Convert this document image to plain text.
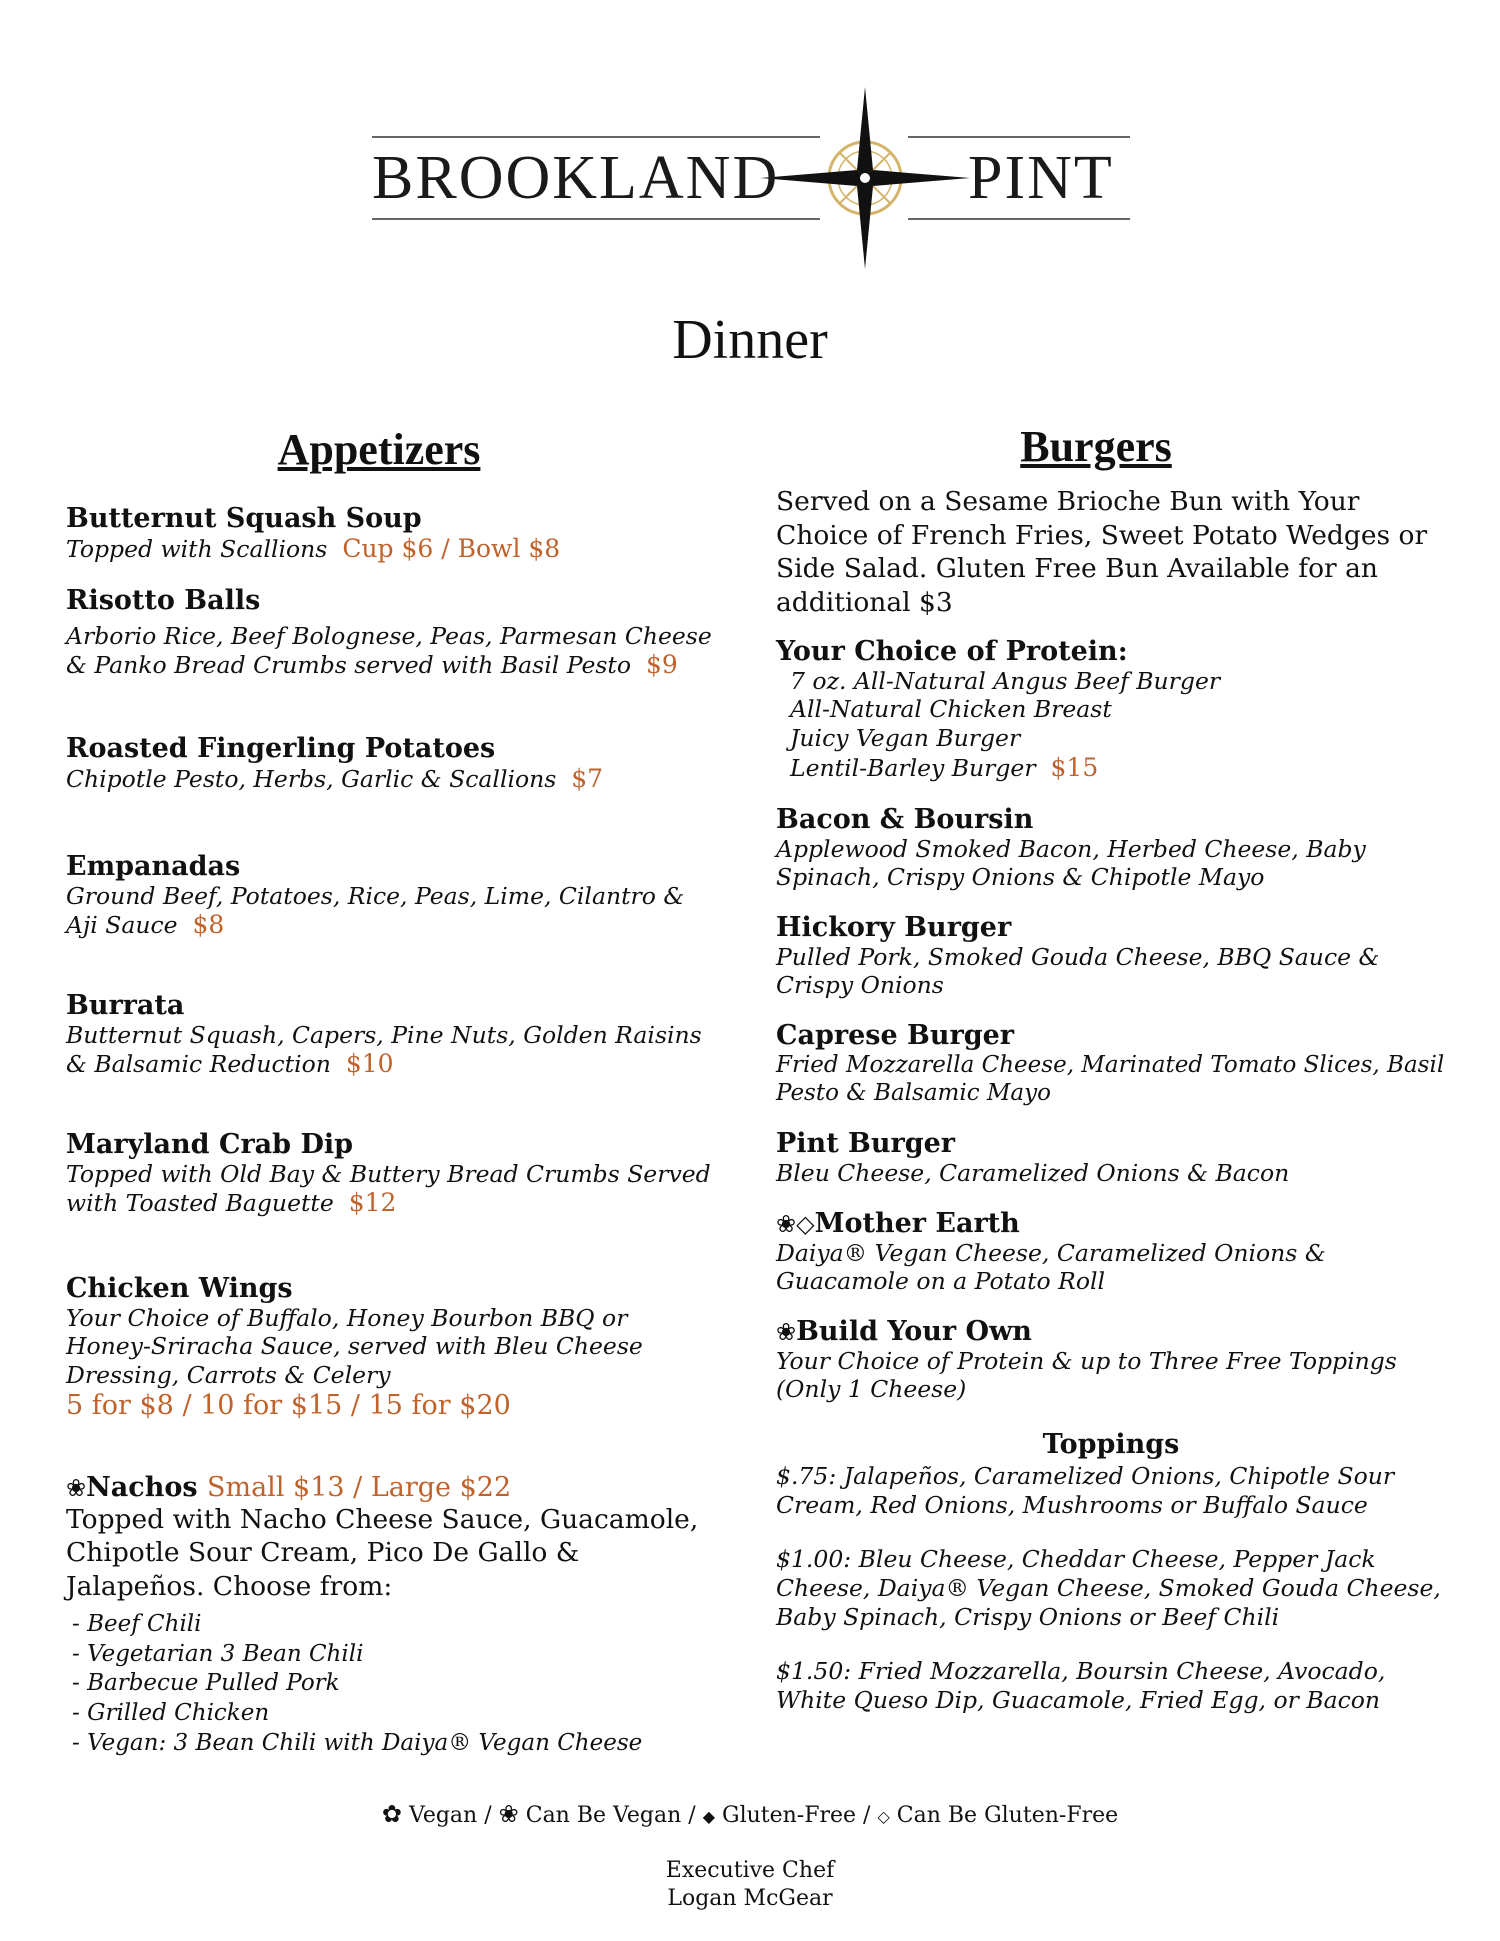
BROOKLAND	PINT
Dinner
Appetizers
Butternut Squash Soup
Topped with Scallions Cup $6 / Bowl $8
Risotto Balls
Arborio Rice, Beef Bolognese, Peas, Parmesan Cheese & Panko Bread Crumbs served with Basil Pesto $9
Roasted Fingerling Potatoes
Chipotle Pesto, Herbs, Garlic & Scallions $7
Empanadas
Ground Beef, Potatoes, Rice, Peas, Lime, Cilantro & Aji Sauce $8
Burrata
Butternut Squash, Capers, Pine Nuts, Golden Raisins & Balsamic Reduction $10
Maryland Crab Dip
Topped with Old Bay & Buttery Bread Crumbs Served with Toasted Baguette $12
Chicken Wings
Your Choice of Buffalo, Honey Bourbon BBQ or Honey-Sriracha Sauce, served with Bleu Cheese Dressing, Carrots & Celery
5 for $8 / 10 for $15 / 15 for $20
❀Nachos Small $13 / Large $22
Topped with Nacho Cheese Sauce, Guacamole, Chipotle Sour Cream, Pico De Gallo & Jalapeños. Choose from:
- Beef Chili
- Vegetarian 3 Bean Chili
- Barbecue Pulled Pork
- Grilled Chicken
- Vegan: 3 Bean Chili with Daiya® Vegan Cheese
Burgers
Served on a Sesame Brioche Bun with Your Choice of French Fries, Sweet Potato Wedges or Side Salad. Gluten Free Bun Available for an additional $3
Your Choice of Protein:
7 oz. All-Natural Angus Beef Burger
All-Natural Chicken Breast
Juicy Vegan Burger
Lentil-Barley Burger $15
Bacon & Boursin
Applewood Smoked Bacon, Herbed Cheese, Baby Spinach, Crispy Onions & Chipotle Mayo
Hickory Burger
Pulled Pork, Smoked Gouda Cheese, BBQ Sauce & Crispy Onions
Caprese Burger
Fried Mozzarella Cheese, Marinated Tomato Slices, Basil Pesto & Balsamic Mayo
Pint Burger
Bleu Cheese, Caramelized Onions & Bacon
❀◇Mother Earth
Daiya® Vegan Cheese, Caramelized Onions & Guacamole on a Potato Roll
❀Build Your Own
Your Choice of Protein & up to Three Free Toppings (Only 1 Cheese)
Toppings
$.75: Jalapeños, Caramelized Onions, Chipotle Sour Cream, Red Onions, Mushrooms or Buffalo Sauce
$1.00: Bleu Cheese, Cheddar Cheese, Pepper Jack Cheese, Daiya® Vegan Cheese, Smoked Gouda Cheese, Baby Spinach, Crispy Onions or Beef Chili
$1.50: Fried Mozzarella, Boursin Cheese, Avocado, White Queso Dip, Guacamole, Fried Egg, or Bacon
✿ Vegan / ❀ Can Be Vegan / ◆ Gluten-Free / ◇ Can Be Gluten-Free
Executive Chef
Logan McGear
